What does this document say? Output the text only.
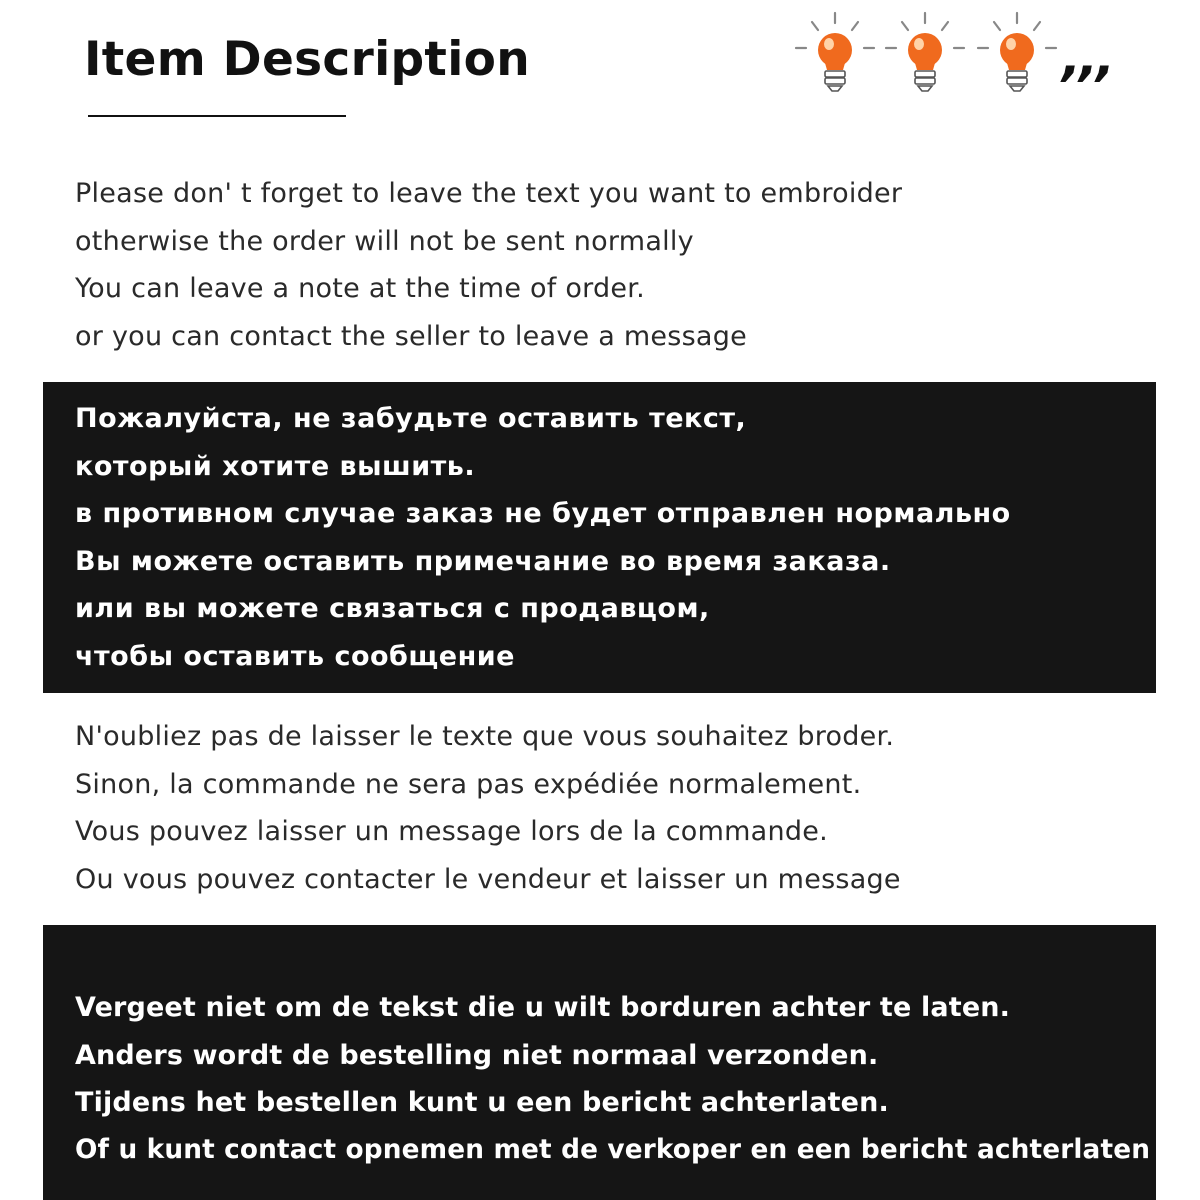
Item Description	,,,
Please don' t forget to leave the text you want to embroider
otherwise the order will not be sent normally
You can leave a note at the time of order.
or you can contact the seller to leave a message
Пожалуйста, не забудьте оставить текст,
который хотите вышить.
в противном случае заказ не будет отправлен нормально
Вы можете оставить примечание во время заказа.
или вы можете связаться с продавцом,
чтобы оставить сообщение
N'oubliez pas de laisser le texte que vous souhaitez broder.
Sinon, la commande ne sera pas expédiée normalement.
Vous pouvez laisser un message lors de la commande.
Ou vous pouvez contacter le vendeur et laisser un message
Vergeet niet om de tekst die u wilt borduren achter te laten.
Anders wordt de bestelling niet normaal verzonden.
Tijdens het bestellen kunt u een bericht achterlaten.
Of u kunt contact opnemen met de verkoper en een bericht achterlaten
